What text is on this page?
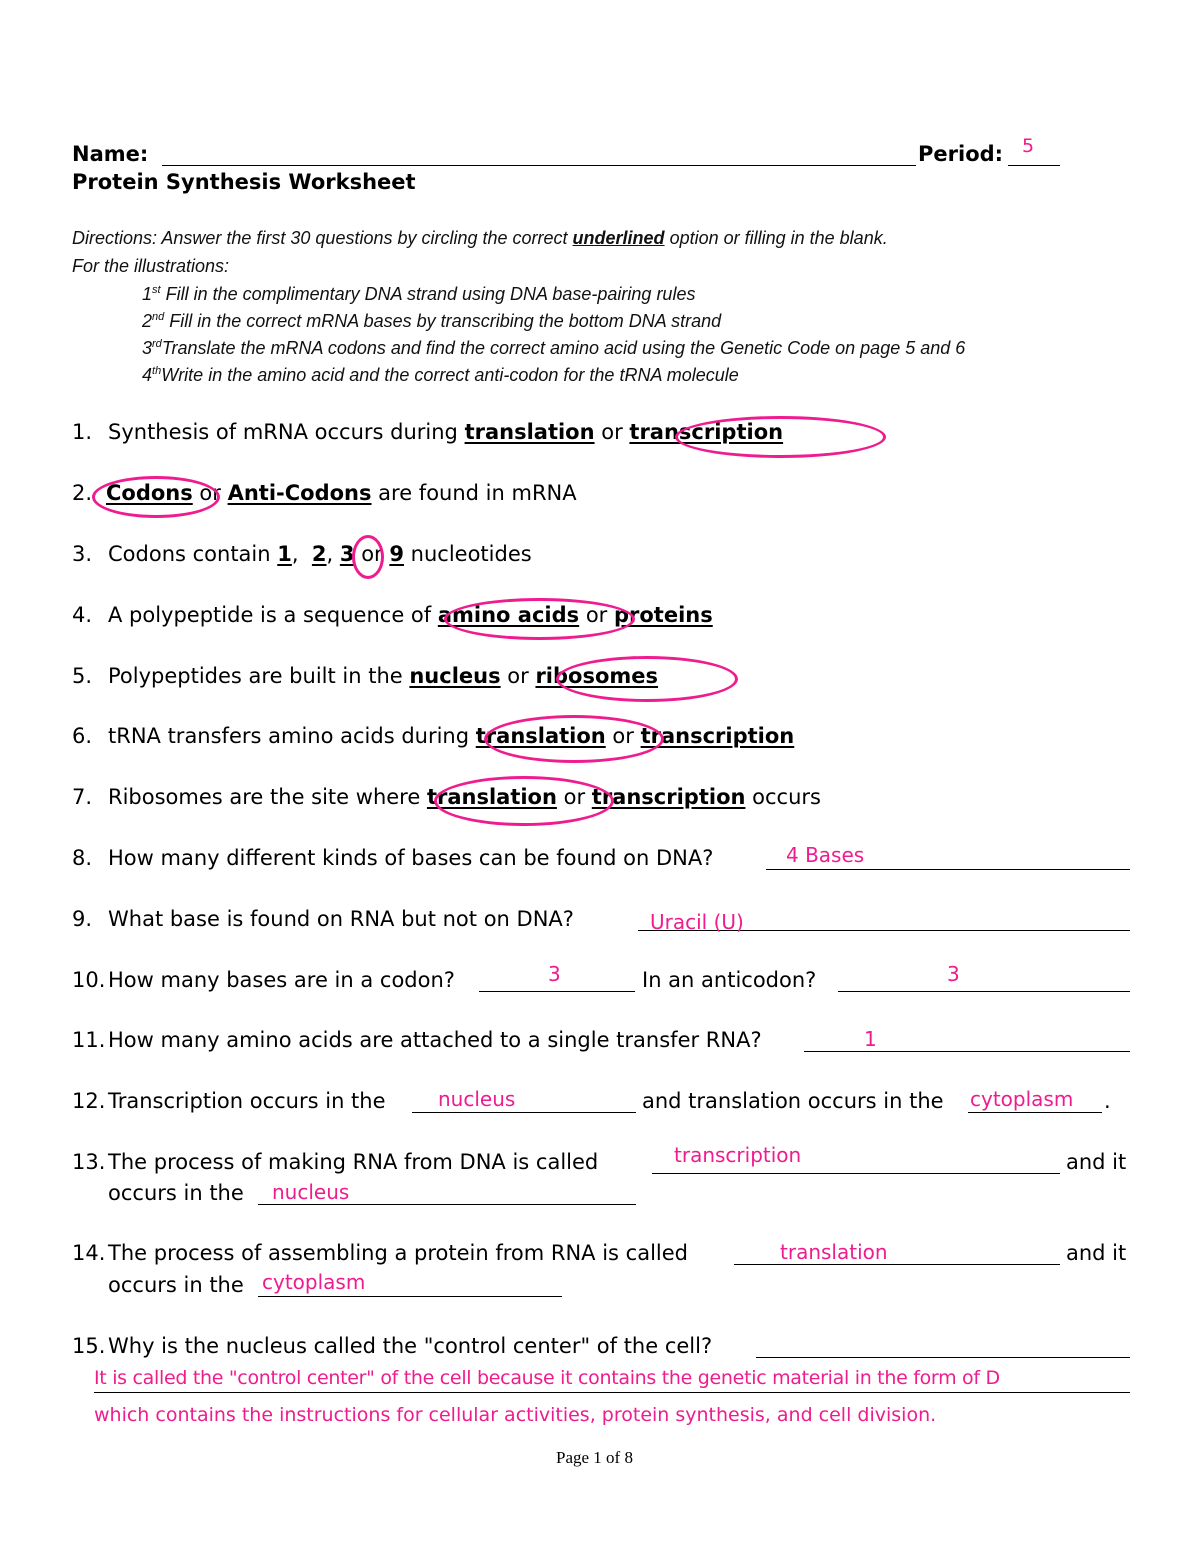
Name:	Period: 5
Protein Synthesis Worksheet
Directions: Answer the first 30 questions by circling the correct underlined option or filling in the blank.
For the illustrations:
1st Fill in the complimentary DNA strand using DNA base-pairing rules
2nd Fill in the correct mRNA bases by transcribing the bottom DNA strand
3rdTranslate the mRNA codons and find the correct amino acid using the Genetic Code on page 5 and 6
4thWrite in the amino acid and the correct anti-codon for the tRNA molecule
1. Synthesis of mRNA occurs during translation or transcription
2. Codons or Anti-Codons are found in mRNA
3. Codons contain 1,  2, 3 or 9 nucleotides
4. A polypeptide is a sequence of amino acids or proteins
5. Polypeptides are built in the nucleus or ribosomes
6. tRNA transfers amino acids during translation or transcription
7. Ribosomes are the site where translation or transcription occurs
8. How many different kinds of bases can be found on DNA?	4 Bases
9. What base is found on RNA but not on DNA?	Uracil (U)
10. How many bases are in a codon?	3	In an anticodon?	3
11. How many amino acids are attached to a single transfer RNA?	1
12. Transcription occurs in the	nucleus	and translation occurs in the cytoplasm .
13. The process of making RNA from DNA is called	transcription	and it
occurs in the nucleus
14. The process of assembling a protein from RNA is called	translation	and it
occurs in the cytoplasm
15. Why is the nucleus called the "control center" of the cell?
It is called the "control center" of the cell because it contains the genetic material in the form of D
which contains the instructions for cellular activities, protein synthesis, and cell division.
Page 1 of 8
